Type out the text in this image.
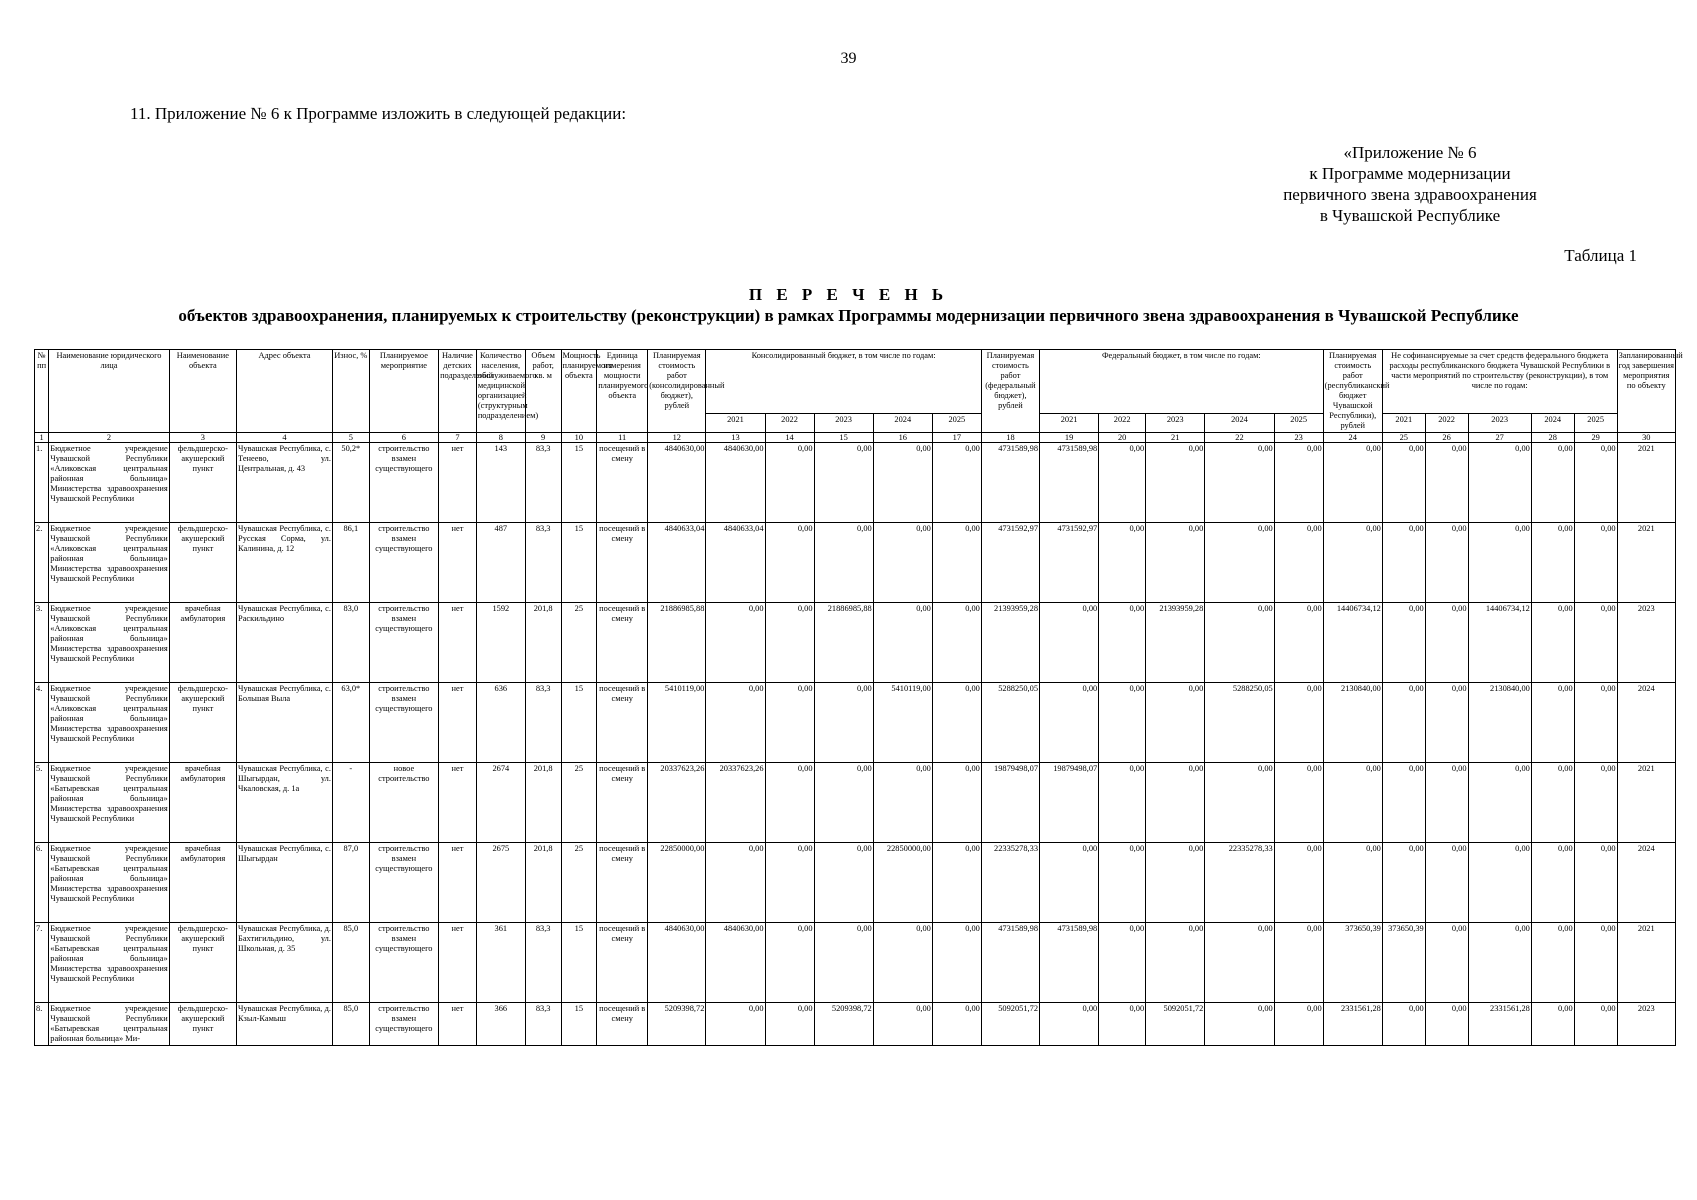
39
11. Приложение № 6 к Программе изложить в следующей редакции:
«Приложение № 6
к Программе модернизации
первичного звена здравоохранения
в Чувашской Республике
Таблица 1
П Е Р Е Ч Е Н Ь
объектов здравоохранения, планируемых к строительству (реконструкции) в рамках Программы модернизации первичного звена здравоохранения в Чувашской Республике
№ пп	Наименование юридического лица	Наименование объекта	Адрес объекта	Износ, %	Планируемое мероприятие	Наличие детских подразделений	Количество населения, обслуживаемого медицинской организацией (структурным подразделением)	Объем работ, кв. м	Мощность планируемого объекта	Единица измерения мощности планируемого объекта	Планируемая стоимость работ (консолидированный бюджет), рублей	Консолидированный бюджет, в том числе по годам:					Планируемая стоимость работ (федеральный бюджет), рублей	Федеральный бюджет, в том числе по годам:					Планируемая стоимость работ (республиканский бюджет Чувашской Республики), рублей	Не софинансируемые за счет средств федерального бюджета расходы республиканского бюджета Чувашской Республики в части мероприятий по строительству (реконструкции), в том числе по годам:					Запланированный год завершения мероприятия по объекту
												2021	2022	2023	2024	2025		2021	2022	2023	2024	2025		2021	2022	2023	2024	2025	
1	2	3	4	5	6	7	8	9	10	11	12	13	14	15	16	17	18	19	20	21	22	23	24	25	26	27	28	29	30
1.	Бюджетное учреждение Чувашской Республики «Аликовская центральная районная больница» Министерства здравоохранения Чувашской Республики	фельдшерско-акушерский пункт	Чувашская Республика, с. Тенеево, ул. Центральная, д. 43	50,2*	строительство взамен существующего	нет	143	83,3	15	посещений в смену	4840630,00	4840630,00	0,00	0,00	0,00	0,00	4731589,98	4731589,98	0,00	0,00	0,00	0,00	0,00	0,00	0,00	0,00	0,00	0,00	2021
2.	Бюджетное учреждение Чувашской Республики «Аликовская центральная районная больница» Министерства здравоохранения Чувашской Республики	фельдшерско-акушерский пункт	Чувашская Республика, с. Русская Сорма, ул. Калинина, д. 12	86,1	строительство взамен существующего	нет	487	83,3	15	посещений в смену	4840633,04	4840633,04	0,00	0,00	0,00	0,00	4731592,97	4731592,97	0,00	0,00	0,00	0,00	0,00	0,00	0,00	0,00	0,00	0,00	2021
3.	Бюджетное учреждение Чувашской Республики «Аликовская центральная районная больница» Министерства здравоохранения Чувашской Республики	врачебная амбулатория	Чувашская Республика, с. Раскильдино	83,0	строительство взамен существующего	нет	1592	201,8	25	посещений в смену	21886985,88	0,00	0,00	21886985,88	0,00	0,00	21393959,28	0,00	0,00	21393959,28	0,00	0,00	14406734,12	0,00	0,00	14406734,12	0,00	0,00	2023
4.	Бюджетное учреждение Чувашской Республики «Аликовская центральная районная больница» Министерства здравоохранения Чувашской Республики	фельдшерско-акушерский пункт	Чувашская Республика, с. Большая Выла	63,0*	строительство взамен существующего	нет	636	83,3	15	посещений в смену	5410119,00	0,00	0,00	0,00	5410119,00	0,00	5288250,05	0,00	0,00	0,00	5288250,05	0,00	2130840,00	0,00	0,00	2130840,00	0,00	0,00	2024
5.	Бюджетное учреждение Чувашской Республики «Батыревская центральная районная больница» Министерства здравоохранения Чувашской Республики	врачебная амбулатория	Чувашская Республика, с. Шыгырдан, ул. Чкаловская, д. 1а	-	новое строительство	нет	2674	201,8	25	посещений в смену	20337623,26	20337623,26	0,00	0,00	0,00	0,00	19879498,07	19879498,07	0,00	0,00	0,00	0,00	0,00	0,00	0,00	0,00	0,00	0,00	2021
6.	Бюджетное учреждение Чувашской Республики «Батыревская центральная районная больница» Министерства здравоохранения Чувашской Республики	врачебная амбулатория	Чувашская Республика, с. Шыгырдан	87,0	строительство взамен существующего	нет	2675	201,8	25	посещений в смену	22850000,00	0,00	0,00	0,00	22850000,00	0,00	22335278,33	0,00	0,00	0,00	22335278,33	0,00	0,00	0,00	0,00	0,00	0,00	0,00	2024
7.	Бюджетное учреждение Чувашской Республики «Батыревская центральная районная больница» Министерства здравоохранения Чувашской Республики	фельдшерско-акушерский пункт	Чувашская Республика, д. Бахтигильдино, ул. Школьная, д. 35	85,0	строительство взамен существующего	нет	361	83,3	15	посещений в смену	4840630,00	4840630,00	0,00	0,00	0,00	0,00	4731589,98	4731589,98	0,00	0,00	0,00	0,00	373650,39	373650,39	0,00	0,00	0,00	0,00	2021
8.	Бюджетное учреждение Чувашской Республики «Батыревская центральная районная больница» Ми-	фельдшерско-акушерский пункт	Чувашская Республика, д. Кзыл-Камыш	85,0	строительство взамен существующего	нет	366	83,3	15	посещений в смену	5209398,72	0,00	0,00	5209398,72	0,00	0,00	5092051,72	0,00	0,00	5092051,72	0,00	0,00	2331561,28	0,00	0,00	2331561,28	0,00	0,00	2023
